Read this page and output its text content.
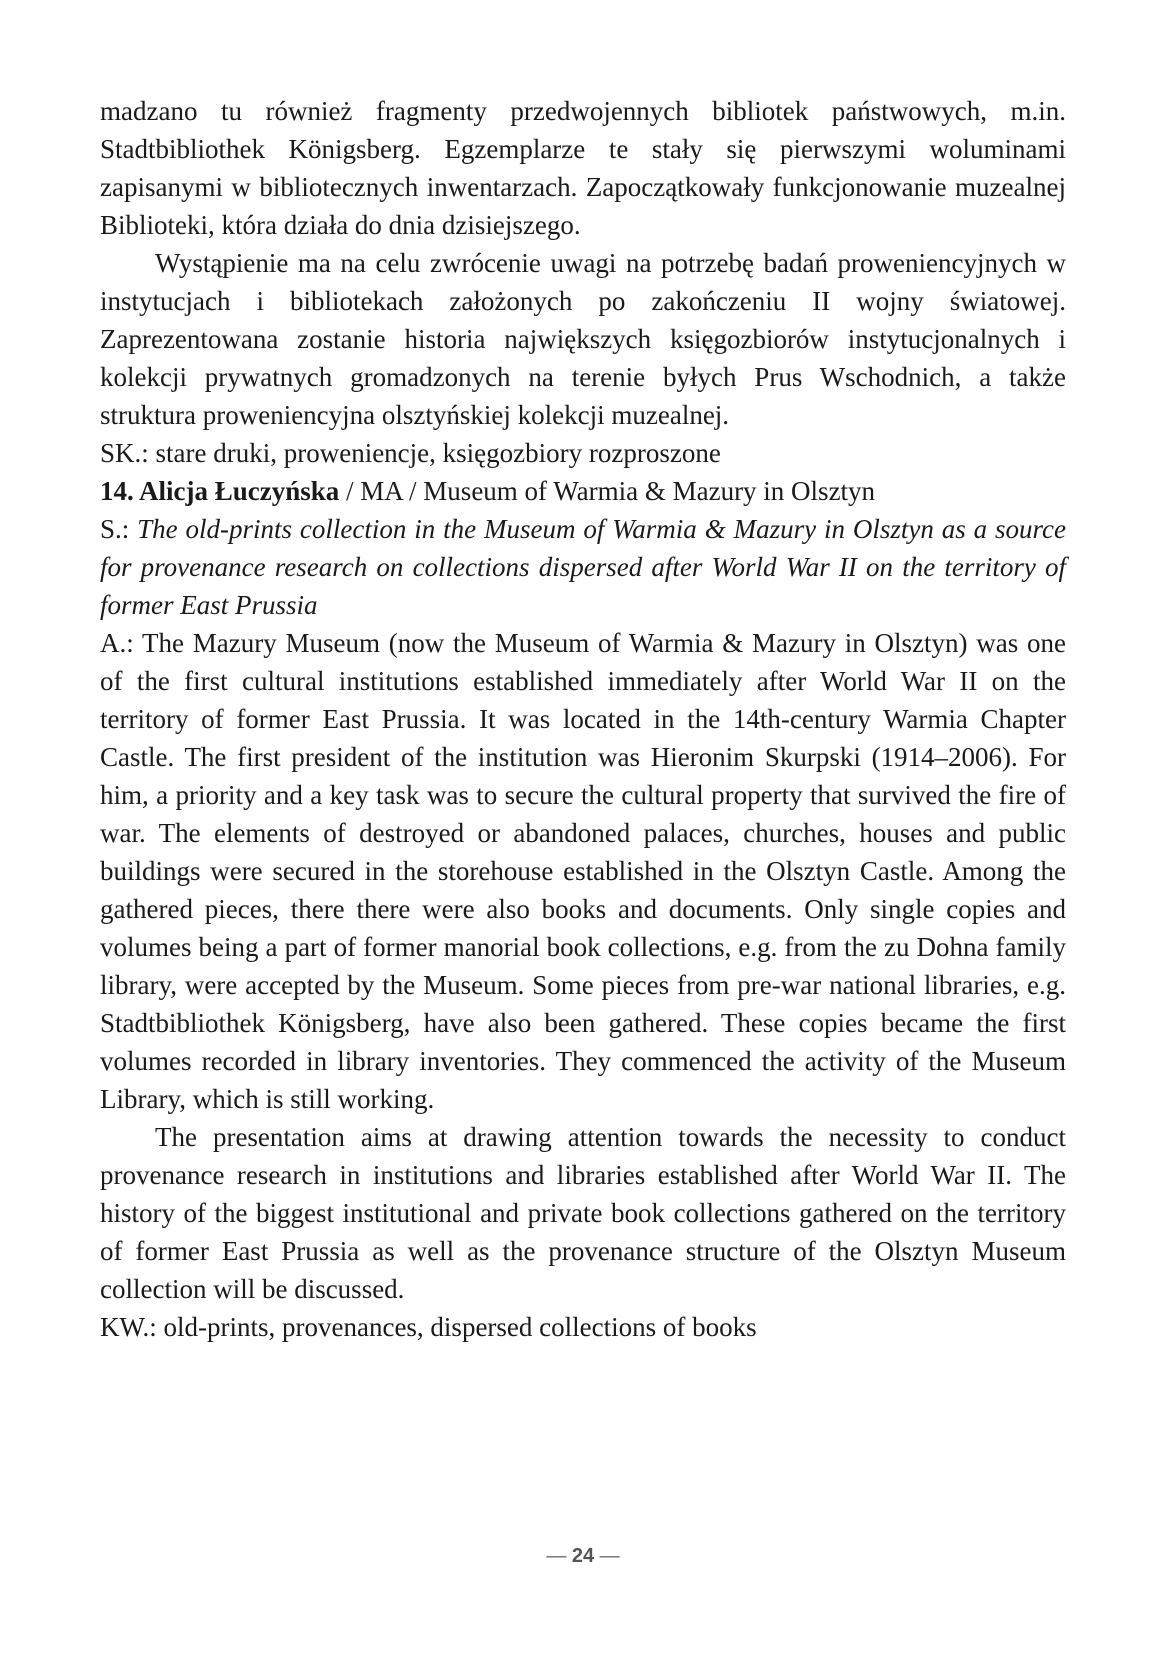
madzano tu również fragmenty przedwojennych bibliotek państwowych, m.in. Stadtbibliothek Königsberg. Egzemplarze te stały się pierwszymi woluminami zapisanymi w bibliotecznych inwentarzach. Zapoczątkowały funkcjonowanie muzealnej Biblioteki, która działa do dnia dzisiejszego.

Wystąpienie ma na celu zwrócenie uwagi na potrzebę badań proweniencyjnych w instytucjach i bibliotekach założonych po zakończeniu II wojny światowej. Zaprezentowana zostanie historia największych księgozbiorów instytucjonalnych i kolekcji prywatnych gromadzonych na terenie byłych Prus Wschodnich, a także struktura proweniencyjna olsztyńskiej kolekcji muzealnej.

SK.: stare druki, proweniencje, księgozbiory rozproszone

14. Alicja Łuczyńska / MA / Museum of Warmia & Mazury in Olsztyn

S.: The old-prints collection in the Museum of Warmia & Mazury in Olsztyn as a source for provenance research on collections dispersed after World War II on the territory of former East Prussia

A.: The Mazury Museum (now the Museum of Warmia & Mazury in Olsztyn) was one of the first cultural institutions established immediately after World War II on the territory of former East Prussia. It was located in the 14th-century Warmia Chapter Castle. The first president of the institution was Hieronim Skurpski (1914–2006). For him, a priority and a key task was to secure the cultural property that survived the fire of war. The elements of destroyed or abandoned palaces, churches, houses and public buildings were secured in the storehouse established in the Olsztyn Castle. Among the gathered pieces, there there were also books and documents. Only single copies and volumes being a part of former manorial book collections, e.g. from the zu Dohna family library, were accepted by the Museum. Some pieces from pre-war national libraries, e.g. Stadtbibliothek Königsberg, have also been gathered. These copies became the first volumes recorded in library inventories. They commenced the activity of the Museum Library, which is still working.

The presentation aims at drawing attention towards the necessity to conduct provenance research in institutions and libraries established after World War II. The history of the biggest institutional and private book collections gathered on the territory of former East Prussia as well as the provenance structure of the Olsztyn Museum collection will be discussed.

KW.: old-prints, provenances, dispersed collections of books

— 24 —
